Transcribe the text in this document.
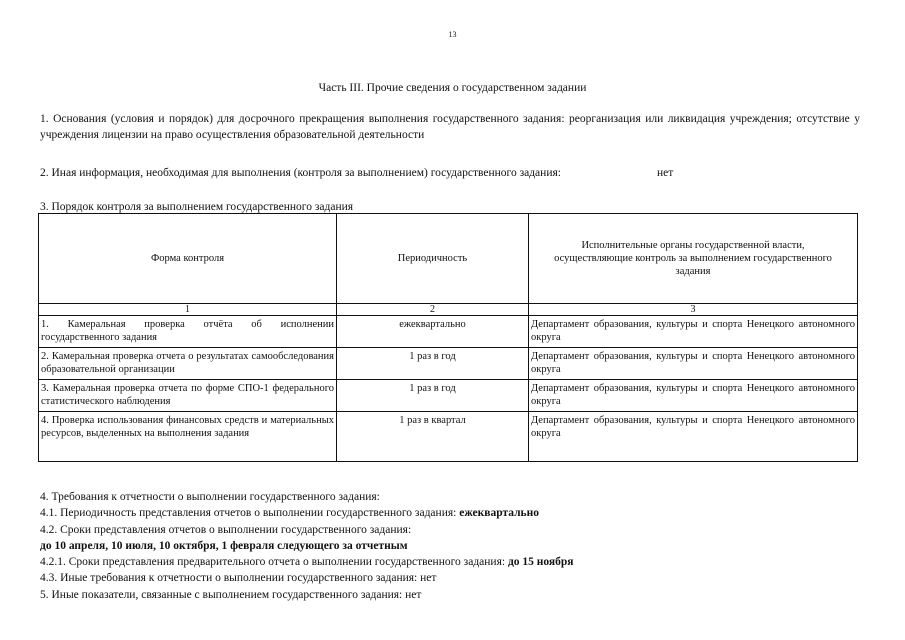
13
Часть III. Прочие сведения о государственном задании
1. Основания (условия и порядок) для досрочного прекращения выполнения государственного задания: реорганизация или ликвидация учреждения; отсутствие у учреждения лицензии на право осуществления образовательной деятельности
2. Иная информация, необходимая для выполнения (контроля за выполнением) государственного задания:	нет
3. Порядок контроля за выполнением государственного задания
Форма контроля	Периодичность	Исполнительные органы государственной власти, осуществляющие контроль за выполнением государственного задания
1	2	3
1. Камеральная проверка отчёта об исполнении государственного задания	ежеквартально	Департамент образования, культуры и спорта Ненецкого автономного округа
2. Камеральная проверка отчета о результатах самообследования образовательной организации	1 раз в год	Департамент образования, культуры и спорта Ненецкого автономного округа
3. Камеральная проверка отчета по форме СПО-1 федерального статистического наблюдения	1 раз в год	Департамент образования, культуры и спорта Ненецкого автономного округа
4. Проверка использования финансовых средств и материальных ресурсов, выделенных на выполнения задания	1 раз в квартал	Департамент образования, культуры и спорта Ненецкого автономного округа
4. Требования к отчетности о выполнении государственного задания:
4.1. Периодичность представления отчетов о выполнении государственного задания: ежеквартально
4.2. Сроки представления отчетов о выполнении государственного задания:
до 10 апреля, 10 июля, 10 октября, 1 февраля следующего за отчетным
4.2.1. Сроки представления предварительного отчета о выполнении государственного задания: до 15 ноября
4.3. Иные требования к отчетности о выполнении государственного задания: нет
5. Иные показатели, связанные с выполнением государственного задания: нет
